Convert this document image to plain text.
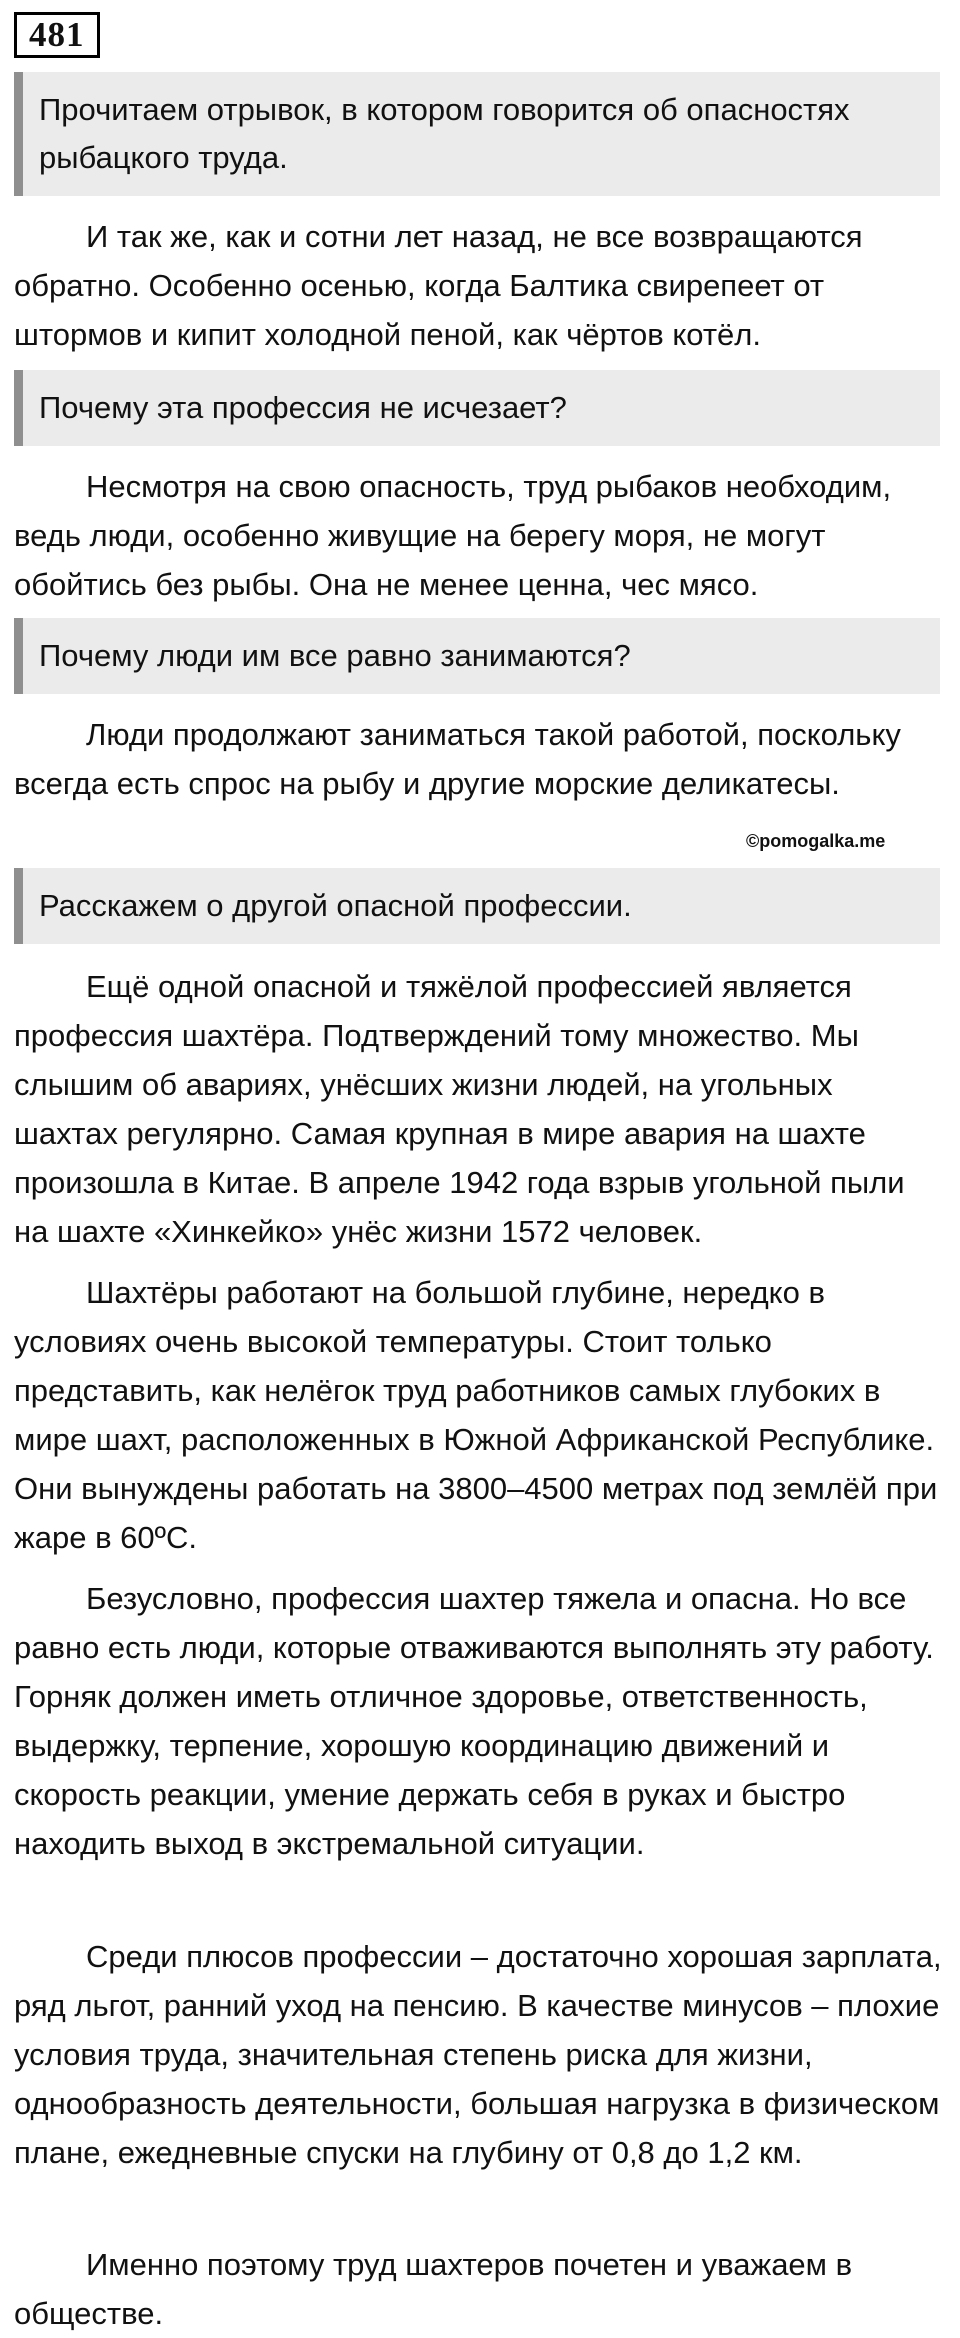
481
Прочитаем отрывок, в котором говорится об опасностях рыбацкого труда.

И так же, как и сотни лет назад, не все возвращаются обратно. Особенно осенью, когда Балтика свирепеет от штормов и кипит холодной пеной, как чёртов котёл.

Почему эта профессия не исчезает?

Несмотря на свою опасность, труд рыбаков необходим, ведь люди, особенно живущие на берегу моря, не могут обойтись без рыбы. Она не менее ценна, чес мясо.

Почему люди им все равно занимаются?

Люди продолжают заниматься такой работой, поскольку всегда есть спрос на рыбу и другие морские деликатесы.

©pomogalka.me
Расскажем о другой опасной профессии.

Ещё одной опасной и тяжёлой профессией является профессия шахтёра. Подтверждений тому множество. Мы слышим об авариях, унёсших жизни людей, на угольных шахтах регулярно. Самая крупная в мире авария на шахте произошла в Китае. В апреле 1942 года взрыв угольной пыли на шахте «Хинкейко» унёс жизни 1572 человек.

Шахтёры работают на большой глубине, нередко в условиях очень высокой температуры. Стоит только представить, как нелёгок труд работников самых глубоких в мире шахт, расположенных в Южной Африканской Республике. Они вынуждены работать на 3800–4500 метрах под землёй при жаре в 60ºС.

Безусловно, профессия шахтер тяжела и опасна. Но все равно есть люди, которые отваживаются выполнять эту работу. Горняк должен иметь отличное здоровье, ответственность, выдержку, терпение, хорошую координацию движений и скорость реакции, умение держать себя в руках и быстро находить выход в экстремальной ситуации.

Среди плюсов профессии – достаточно хорошая зарплата, ряд льгот, ранний уход на пенсию. В качестве минусов – плохие условия труда, значительная степень риска для жизни, однообразность деятельности, большая нагрузка в физическом плане, ежедневные спуски на глубину от 0,8 до 1,2 км.

Именно поэтому труд шахтеров почетен и уважаем в обществе.
